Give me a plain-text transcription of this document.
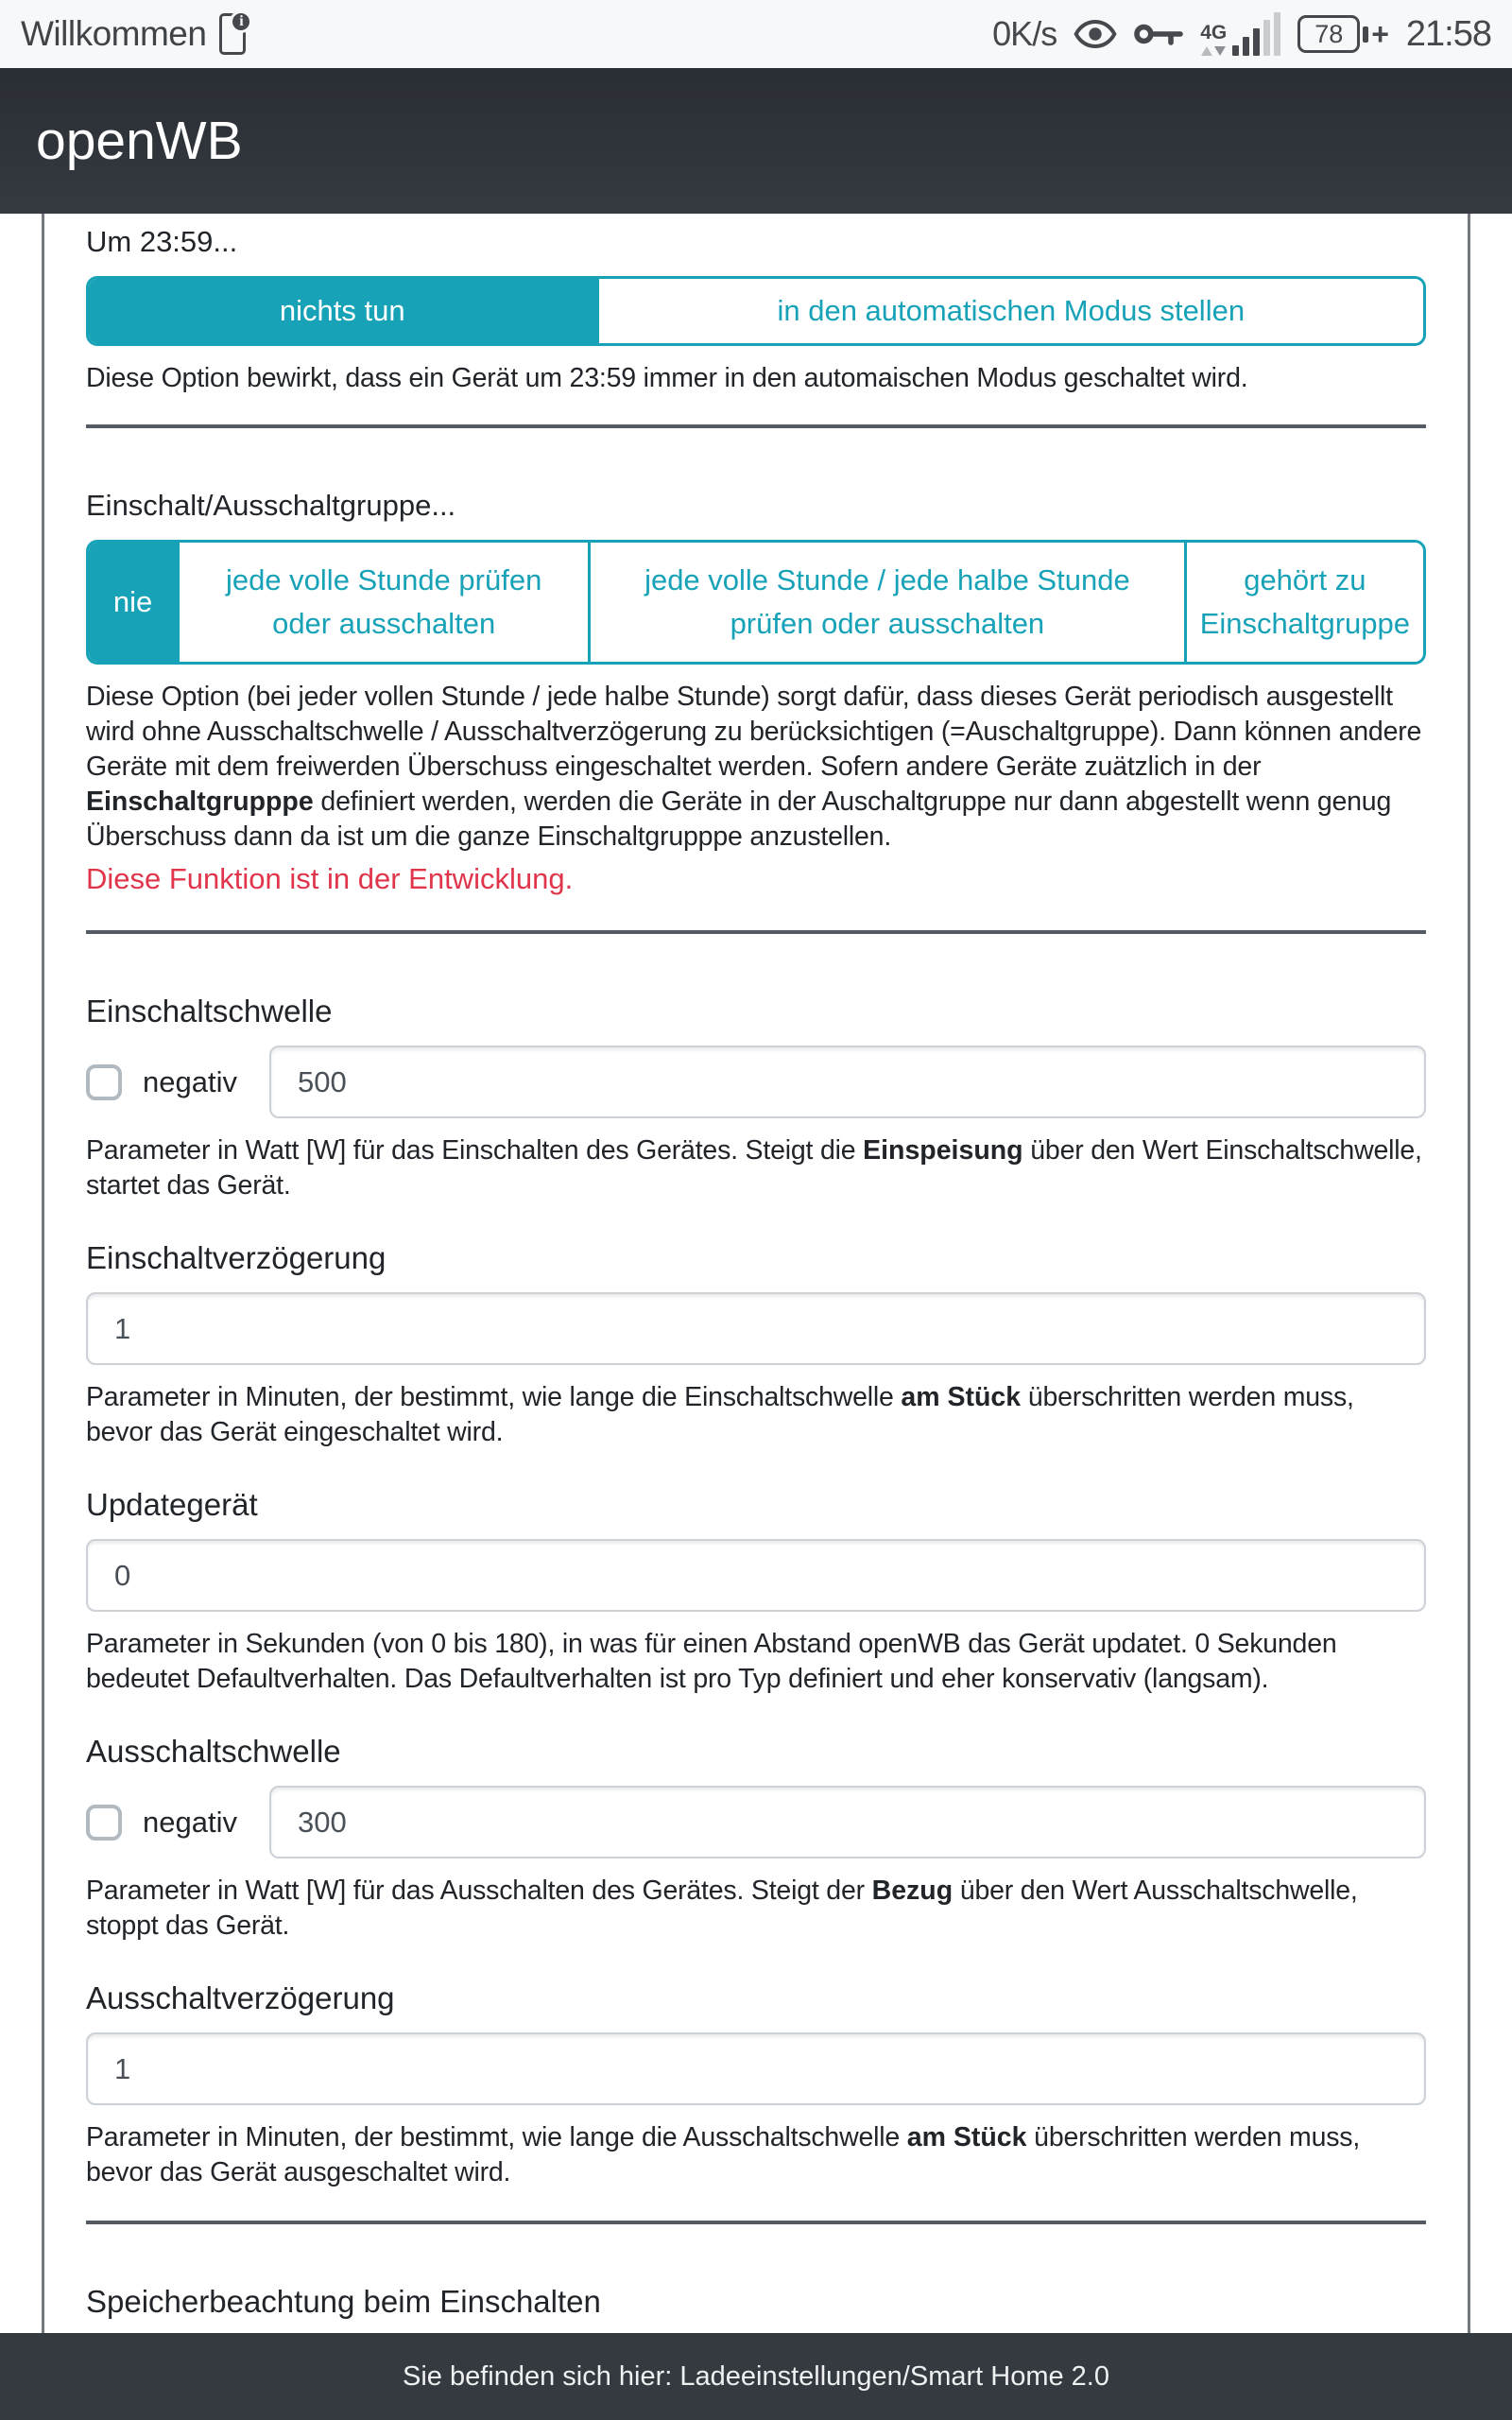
Willkommen	i	0K/s	4G	78 + 21:58
openWB
Um 23:59...
nichts tun	in den automatischen Modus stellen
Diese Option bewirkt, dass ein Gerät um 23:59 immer in den automaischen Modus geschaltet wird.
Einschalt/Ausschaltgruppe...
nie
jede volle Stunde prüfen oder ausschalten
jede volle Stunde / jede halbe Stunde prüfen oder ausschalten
gehört zu Einschaltgruppe
Diese Option (bei jeder vollen Stunde / jede halbe Stunde) sorgt dafür, dass dieses Gerät periodisch ausgestellt wird ohne Ausschaltschwelle / Ausschaltverzögerung zu berücksichtigen (=Auschaltgruppe). Dann können andere Geräte mit dem freiwerden Überschuss eingeschaltet werden. Sofern andere Geräte zuätzlich in der Einschaltgrupppe definiert werden, werden die Geräte in der Auschaltgruppe nur dann abgestellt wenn genug Überschuss dann da ist um die ganze Einschaltgrupppe anzustellen.
Diese Funktion ist in der Entwicklung.
Einschaltschwelle
negativ
500
Parameter in Watt [W] für das Einschalten des Gerätes. Steigt die Einspeisung über den Wert Einschaltschwelle, startet das Gerät.
Einschaltverzögerung
1
Parameter in Minuten, der bestimmt, wie lange die Einschaltschwelle am Stück überschritten werden muss, bevor das Gerät eingeschaltet wird.
Updategerät
0
Parameter in Sekunden (von 0 bis 180), in was für einen Abstand openWB das Gerät updatet. 0 Sekunden bedeutet Defaultverhalten. Das Defaultverhalten ist pro Typ definiert und eher konservativ (langsam).
Ausschaltschwelle
negativ
300
Parameter in Watt [W] für das Ausschalten des Gerätes. Steigt der Bezug über den Wert Ausschaltschwelle, stoppt das Gerät.
Ausschaltverzögerung
1
Parameter in Minuten, der bestimmt, wie lange die Ausschaltschwelle am Stück überschritten werden muss, bevor das Gerät ausgeschaltet wird.
Speicherbeachtung beim Einschalten
Sie befinden sich hier: Ladeeinstellungen/Smart Home 2.0
